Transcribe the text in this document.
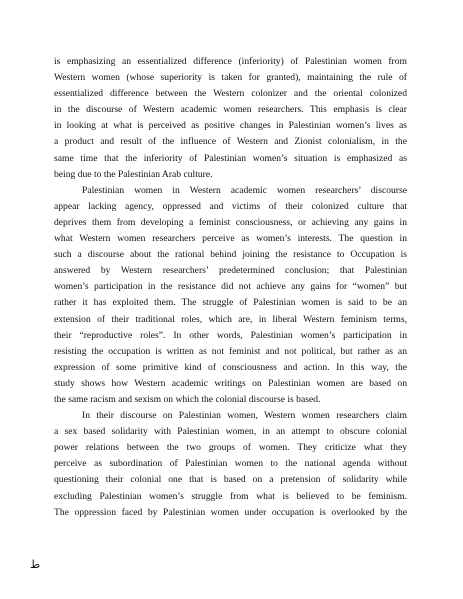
is emphasizing an essentialized difference (inferiority) of Palestinian women from
Western women (whose superiority is taken for granted), maintaining the rule of
essentialized difference between the Western colonizer and the oriental colonized
in the discourse of Western academic women researchers. This emphasis is clear
in looking at what is perceived as positive changes in Palestinian women’s lives as
a product and result of the influence of Western and Zionist colonialism, in the
same time that the inferiority of Palestinian women’s situation is emphasized as
being due to the Palestinian Arab culture.
Palestinian women in Western academic women researchers’ discourse
appear lacking agency, oppressed and victims of their colonized culture that
deprives them from developing a feminist consciousness, or achieving any gains in
what Western women researchers perceive as women’s interests. The question in
such a discourse about the rational behind joining the resistance to Occupation is
answered by Western researchers’ predetermined conclusion; that Palestinian
women’s participation in the resistance did not achieve any gains for “women” but
rather it has exploited them. The struggle of Palestinian women is said to be an
extension of their traditional roles, which are, in liberal Western feminism terms,
their “reproductive roles”. In other words, Palestinian women’s participation in
resisting the occupation is written as not feminist and not political, but rather as an
expression of some primitive kind of consciousness and action. In this way, the
study shows how Western academic writings on Palestinian women are based on
the same racism and sexism on which the colonial discourse is based.
In their discourse on Palestinian women, Western women researchers claim
a sex based solidarity with Palestinian women, in an attempt to obscure colonial
power relations between the two groups of women. They criticize what they
perceive as subordination of Palestinian women to the national agenda without
questioning their colonial one that is based on a pretension of solidarity while
excluding Palestinian women’s struggle from what is believed to be feminism.
The oppression faced by Palestinian women under occupation is overlooked by the
ط
